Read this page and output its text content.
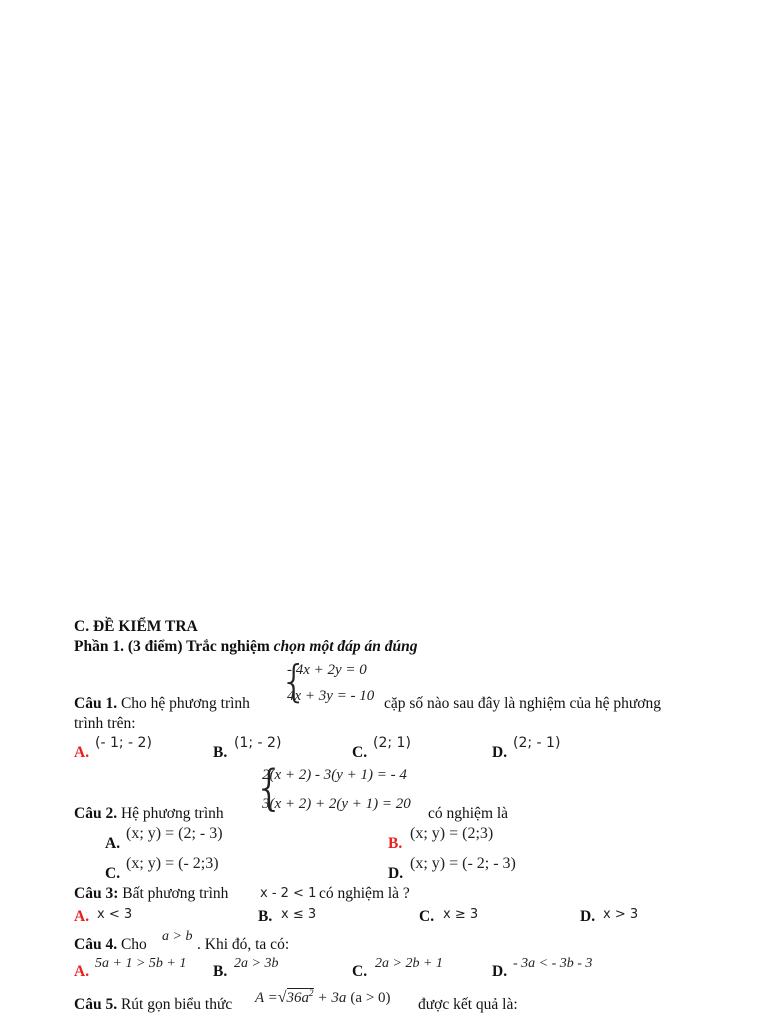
C. ĐỀ KIỂM TRA
Phần 1. (3 điểm) Trắc nghiệm chọn một đáp án đúng
{
- 4x + 2y = 0
4x + 3y = - 10
Câu 1. Cho hệ phương trình	cặp số nào sau đây là nghiệm của hệ phương
trình trên:
A.
(- 1; - 2)
B.
(1; - 2)
C.
(2; 1)
D.
(2; - 1)
{
2(x + 2) - 3(y + 1) = - 4
3(x + 2) + 2(y + 1) = 20
Câu 2. Hệ phương trình	có nghiệm là
A.
(x; y) = (2; - 3)
B.
(x; y) = (2;3)
C.
(x; y) = (- 2;3)
D.
(x; y) = (- 2; - 3)
Câu 3: Bất phương trình x - 2 < 1 có nghiệm là ?
A. x < 3	B. x ≤ 3	C. x ≥ 3	D. x > 3
Câu 4. Cho a > b . Khi đó, ta có:
A. 5a + 1 > 5b + 1 B. 2a > 3b	C. 2a > 2b + 1	D. - 3a < - 3b - 3
Câu 5. Rút gọn biểu thức $A =√36a^2 + 3a$ (a > 0) được kết quả là:
